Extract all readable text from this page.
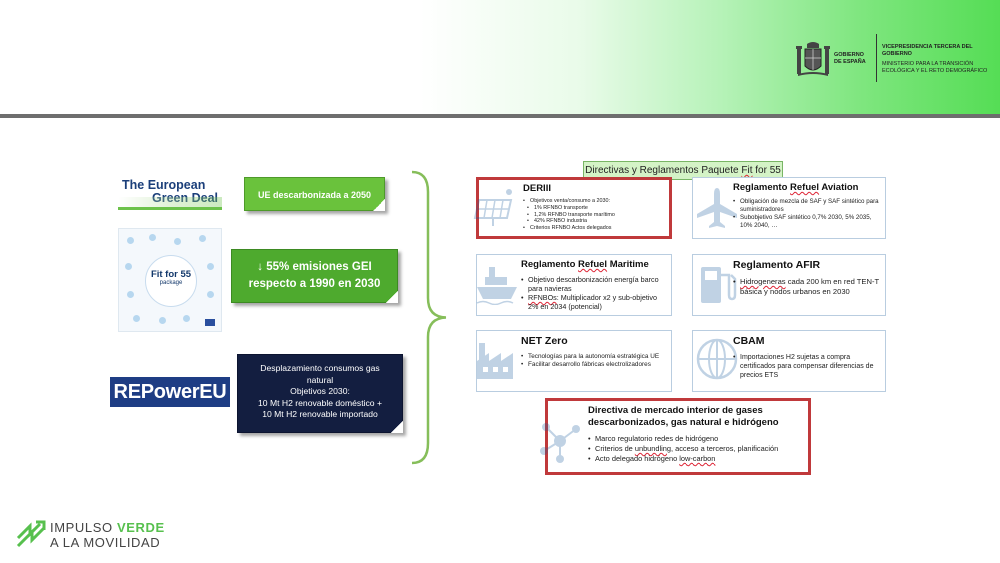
GOBIERNO DE ESPAÑA
VICEPRESIDENCIA TERCERA DEL GOBIERNO
MINISTERIO PARA LA TRANSICIÓN ECOLÓGICA Y EL RETO DEMOGRÁFICO
The European
Green Deal
Fit for 55
package
REPowerEU
UE descarbonizada a 2050
↓ 55% emisiones GEI
respecto a 1990 en 2030
Desplazamiento consumos gas
natural
Objetivos 2030:
10 Mt H2 renovable doméstico +
10 Mt H2 renovable importado
Directivas y Reglamentos Paquete Fit for 55
DERIII
• Objetivos venta/consumo a 2030:
• 1% RFNBO transporte
• 1,2% RFNBO transporte marítimo
• 42% RFNBO industria
• Criterios RFNBO Actos delegados
Reglamento Refuel Aviation
• Obligación de mezcla de SAF y SAF sintético para suministradores
• Subobjetivo SAF sintético 0,7% 2030, 5% 2035, 10% 2040, …
Reglamento Refuel Maritime
• Objetivo descarbonización energía barco para navieras
• RFNBOs: Multiplicador x2 y sub-objetivo 2% en 2034 (potencial)
Reglamento AFIR
• Hidrogeneras cada 200 km en red TEN-T básica y nodos urbanos en 2030
NET Zero
• Tecnologías para la autonomía estratégica UE
• Facilitar desarrollo fábricas electrolizadores
CBAM
• Importaciones H2 sujetas a compra certificados para compensar diferencias de precios ETS
Directiva de mercado interior de gases
descarbonizados, gas natural e hidrógeno
• Marco regulatorio redes de hidrógeno
• Criterios de unbundling, acceso a terceros, planificación
• Acto delegado hidrógeno low-carbon
IMPULSO VERDE
A LA MOVILIDAD
